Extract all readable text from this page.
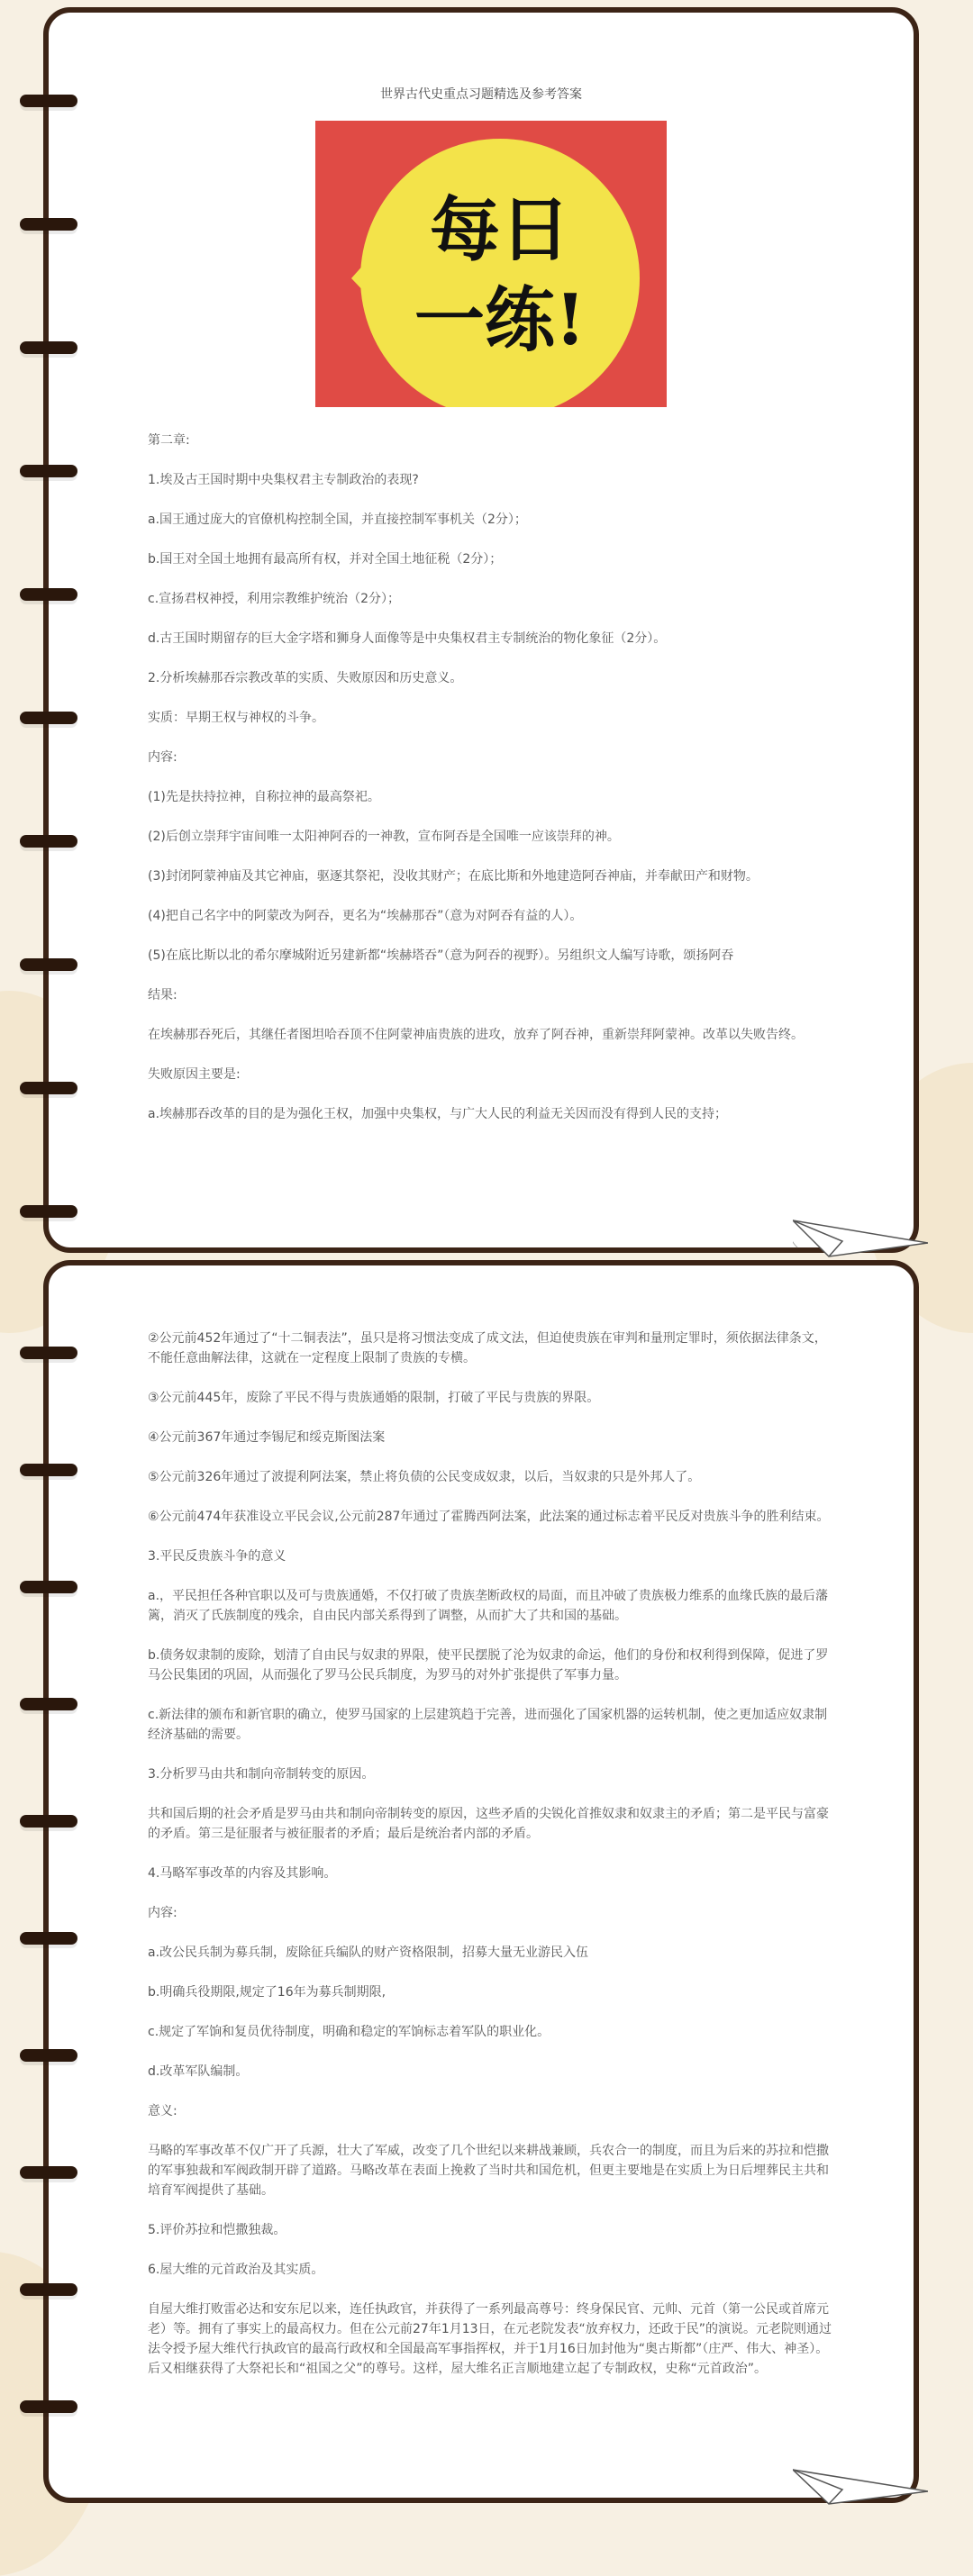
世界古代史重点习题精选及参考答案
每日
一练!

第二章:

1.埃及古王国时期中央集权君主专制政治的表现?

a.国王通过庞大的官僚机构控制全国，并直接控制军事机关（2分）；

b.国王对全国土地拥有最高所有权，并对全国土地征税（2分）；

c.宣扬君权神授，利用宗教维护统治（2分）；

d.古王国时期留存的巨大金字塔和狮身人面像等是中央集权君主专制统治的物化象征（2分）。

2.分析埃赫那吞宗教改革的实质、失败原因和历史意义。

实质：早期王权与神权的斗争。

内容:

(1)先是扶持拉神，自称拉神的最高祭祀。

(2)后创立崇拜宇宙间唯一太阳神阿吞的一神教，宣布阿吞是全国唯一应该崇拜的神。

(3)封闭阿蒙神庙及其它神庙，驱逐其祭祀，没收其财产；在底比斯和外地建造阿吞神庙，并奉献田产和财物。

(4)把自己名字中的阿蒙改为阿吞，更名为“埃赫那吞”（意为对阿吞有益的人）。

(5)在底比斯以北的希尔摩城附近另建新都“埃赫塔吞”（意为阿吞的视野）。另组织文人编写诗歌，颂扬阿吞

结果:

在埃赫那吞死后，其继任者图坦哈吞顶不住阿蒙神庙贵族的进攻，放弃了阿吞神，重新崇拜阿蒙神。改革以失败告终。

失败原因主要是:

a.埃赫那吞改革的目的是为强化王权，加强中央集权，与广大人民的利益无关因而没有得到人民的支持；

②公元前452年通过了“十二铜表法”，虽只是将习惯法变成了成文法，但迫使贵族在审判和量刑定罪时，须依据法律条文，不能任意曲解法律，这就在一定程度上限制了贵族的专横。

③公元前445年，废除了平民不得与贵族通婚的限制，打破了平民与贵族的界限。

④公元前367年通过李锡尼和绥克斯图法案

⑤公元前326年通过了波提利阿法案，禁止将负债的公民变成奴隶，以后，当奴隶的只是外邦人了。

⑥公元前474年获准设立平民会议,公元前287年通过了霍腾西阿法案，此法案的通过标志着平民反对贵族斗争的胜利结束。

3.平民反贵族斗争的意义

a.，平民担任各种官职以及可与贵族通婚，不仅打破了贵族垄断政权的局面，而且冲破了贵族极力维系的血缘氏族的最后藩篱，消灭了氏族制度的残余，自由民内部关系得到了调整，从而扩大了共和国的基础。

b.债务奴隶制的废除，划清了自由民与奴隶的界限，使平民摆脱了沦为奴隶的命运，他们的身份和权利得到保障，促进了罗马公民集团的巩固，从而强化了罗马公民兵制度，为罗马的对外扩张提供了军事力量。

c.新法律的颁布和新官职的确立，使罗马国家的上层建筑趋于完善，进而强化了国家机器的运转机制，使之更加适应奴隶制经济基础的需要。

3.分析罗马由共和制向帝制转变的原因。

共和国后期的社会矛盾是罗马由共和制向帝制转变的原因，这些矛盾的尖锐化首推奴隶和奴隶主的矛盾；第二是平民与富豪的矛盾。第三是征服者与被征服者的矛盾；最后是统治者内部的矛盾。

4.马略军事改革的内容及其影响。

内容:

a.改公民兵制为募兵制，废除征兵编队的财产资格限制，招募大量无业游民入伍

b.明确兵役期限,规定了16年为募兵制期限,

c.规定了军饷和复员优待制度，明确和稳定的军饷标志着军队的职业化。

d.改革军队编制。

意义:

马略的军事改革不仅广开了兵源，壮大了军威，改变了几个世纪以来耕战兼顾，兵农合一的制度，而且为后来的苏拉和恺撒的军事独裁和军阀政制开辟了道路。马略改革在表面上挽救了当时共和国危机，但更主要地是在实质上为日后埋葬民主共和培育军阀提供了基础。

5.评价苏拉和恺撒独裁。

6.屋大维的元首政治及其实质。

自屋大维打败雷必达和安东尼以来，连任执政官，并获得了一系列最高尊号：终身保民官、元帅、元首（第一公民或首席元老）等。拥有了事实上的最高权力。但在公元前27年1月13日，在元老院发表“放弃权力，还政于民”的演说。元老院则通过法令授予屋大维代行执政官的最高行政权和全国最高军事指挥权，并于1月16日加封他为“奥古斯都”（庄严、伟大、神圣）。后又相继获得了大祭祀长和“祖国之父”的尊号。这样，屋大维名正言顺地建立起了专制政权，史称“元首政治”。
